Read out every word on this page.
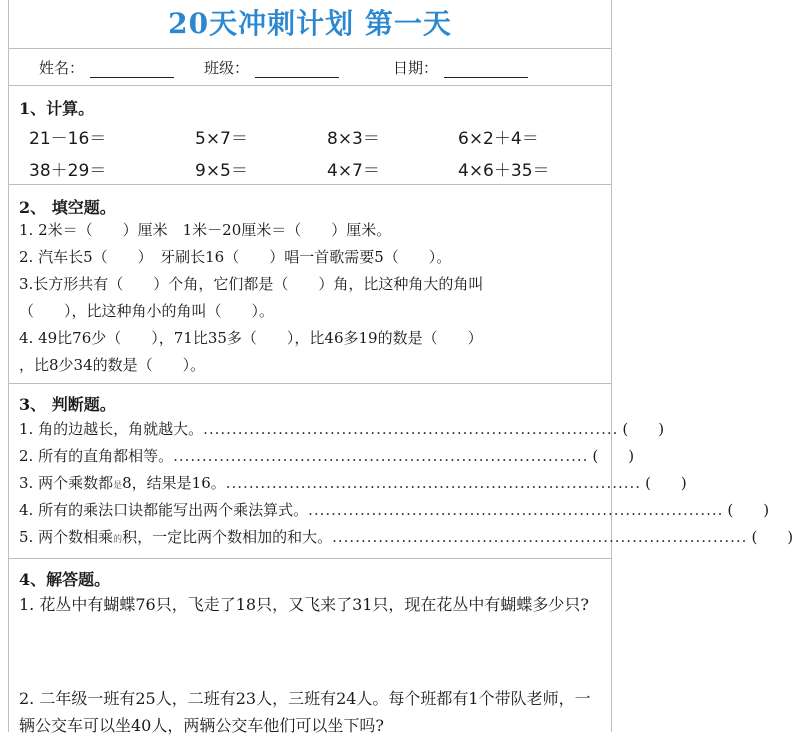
20天冲刺计划 第一天
姓名：	班级：	日期：
1、计算。
21－16＝	5×7＝	8×3＝	6×2＋4＝
38＋29＝	9×5＝	4×7＝	4×6＋35＝
2、 填空题。
1. 2米＝（　　）厘米　1米－20厘米＝（　　）厘米。
2. 汽车长5（　　）　牙刷长16（　　）唱一首歌需要5（　　）。
3.长方形共有（　　）个角，它们都是（　　）角，比这种角大的角叫
（　　），比这种角小的角叫（　　）。
4. 49比76少（　　），71比35多（　　），比46多19的数是（　　）
，比8少34的数是（　　）。
3、 判断题。
1. 角的边越长，角就越大。 ........................................................................ (　　)
2. 所有的直角都相等。 ........................................................................ (　　)
3. 两个乘数都是8，结果是16。 ........................................................................ (　　)
4. 所有的乘法口诀都能写出两个乘法算式。 ........................................................................ (　　)
5. 两个数相乘的积，一定比两个数相加的和大。 ........................................................................ (　　)
4、解答题。
1. 花丛中有蝴蝶76只，飞走了18只，又飞来了31只，现在花丛中有蝴蝶多少只?
2. 二年级一班有25人，二班有23人，三班有24人。每个班都有1个带队老师，一辆公交车可以坐40人，两辆公交车他们可以坐下吗?
